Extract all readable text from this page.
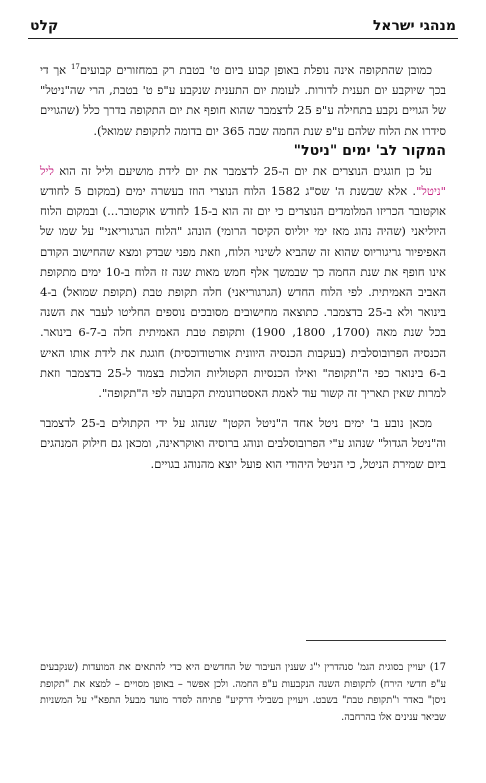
מנהגי ישראל
קלט

כמובן שהתקופה אינה נופלת באופן קבוע ביום ט' בטבת רק במחזורים קבועים$^{17}$ אך די בכך שיוקבע יום תענית לדורות. לעומת יום התענית שנקבע ע"פ ט' בטבת, הרי שה"ניטל" של הגויים נקבע בתחילה ע"פ 25 לדצמבר שהוא חופף את יום התקופה בדרך כלל (שהגויים סידרו את הלוח שלהם ע"פ שנת החמה שבה 365 יום בדומה לתקופת שמואל).

המקור לב' ימים "ניטל"

על כן חוגגים הנוצרים את יום ה-25 לדצמבר את יום לידת מושיעם וליל זה הוא ליל "ניטל". אלא שבשנת ה' שס"ג 1582 הלוח הנוצרי הוזז בעשרה ימים (במקום 5 לחודש אוקטובר הכריזו המלומדים הנוצרים כי יום זה הוא ב-15 לחודש אוקטובר...) ובמקום הלוח היוליאני (שהיה נהוג מאז ימי יוליוס הקיסר הרומי) הונהג "הלוח הגרגוריאני" על שמו של האפיפיור גריגוריוס שהוא זה שהביא לשינוי הלוח, וזאת מפני שבדק ומצא שהחישוב הקודם אינו חופף את שנת החמה כך שבמשך אלף חמש מאות שנה זז הלוח ב-10 ימים מתקופת האביב האמיתית. לפי הלוח החדש (הגרגוריאני) חלה תקופת טבת (תקופת שמואל) ב-4 בינואר ולא ב-25 בדצמבר. כתוצאה מחישובים מסובכים נוספים החליטו לעבר את השנה בכל שנת מאה (1700, 1800, 1900) ותקופת טבת האמיתית חלה ב-6-7 בינואר. הכנסיה הפרובוסלבית (בעקבות הכנסיה היוונית אורטודוכסית) חוגגת את לידת אותו האיש ב-6 בינואר כפי ה"תקופה" ואילו הכנסיות הקטוליות הולכות בצמוד ל-25 בדצמבר וזאת למרות שאין תאריך זה קשור עוד לאמת האסטרונומית הקבועה לפי ה"תקופה".

מכאן נובע ב' ימים ניטל אחד ה"ניטל הקטן" שנהוג על ידי הקתולים ב-25 לדצמבר וה"ניטל הגדול" שנהוג ע"י הפרובוסלבים ונוהג ברוסיה ואוקראינה, ומכאן גם חילוק המנהגים ביום שמירת הניטל, כי הניטל היהודי הוא פועל יוצא מהנוהג בגויים.

17)יעויין בסוגית הגמ' סנהדרין י"ג שענין העיבור של החדשים היא כדי להתאים את המועדות (שנקבעים ע"פ חדשי הירח) לתקופות השנה הנקבעות ע"פ החמה. ולכן אפשר – באופן מסויים – למצא את "תקופת ניסן" באדר ו"תקופת טבת" בשבט. ויעויין בשבילי דרקיע" פתיחה לסדר מועד מבעל התפא"י על המשניות שביאר ענינים אלו בהרחבה.
